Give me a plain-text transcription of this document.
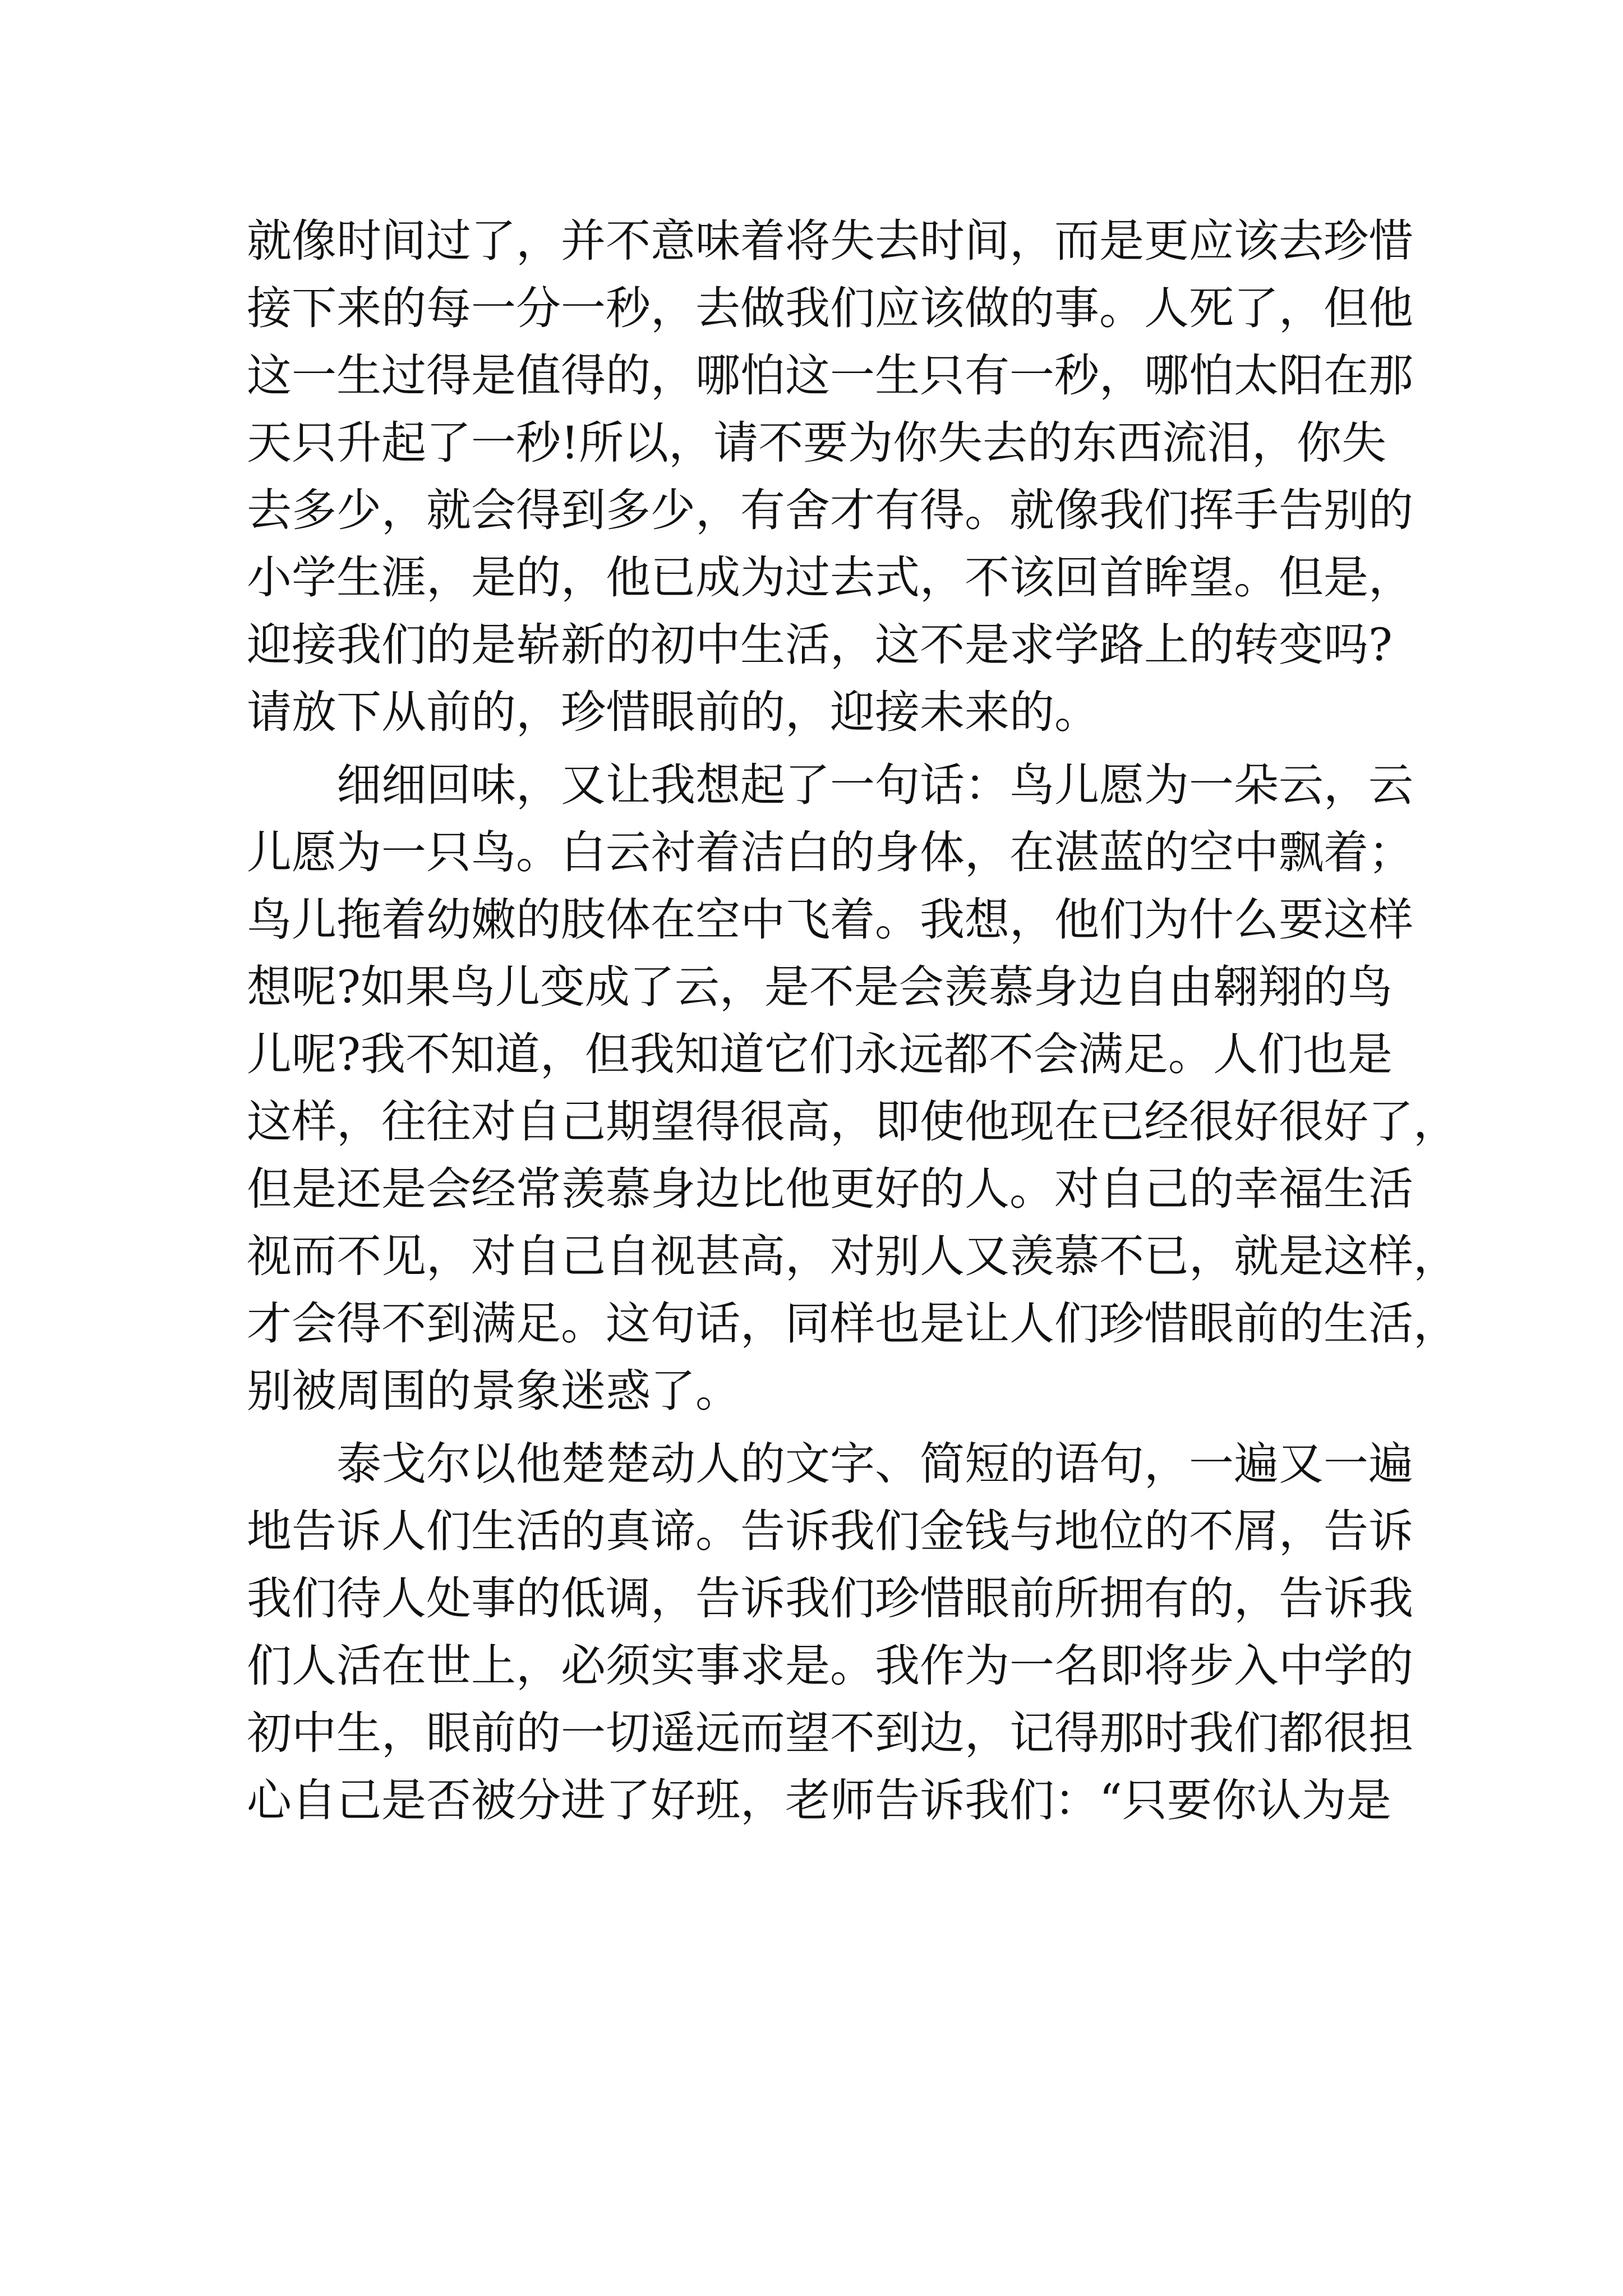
就像时间过了，并不意味着将失去时间，而是更应该去珍惜
接下来的每一分一秒，去做我们应该做的事。人死了，但他
这一生过得是值得的，哪怕这一生只有一秒，哪怕太阳在那
天只升起了一秒!所以，请不要为你失去的东西流泪，你失
去多少，就会得到多少，有舍才有得。就像我们挥手告别的
小学生涯，是的，他已成为过去式，不该回首眸望。但是，
迎接我们的是崭新的初中生活，这不是求学路上的转变吗?
请放下从前的，珍惜眼前的，迎接未来的。
细细回味，又让我想起了一句话：鸟儿愿为一朵云，云
儿愿为一只鸟。白云衬着洁白的身体，在湛蓝的空中飘着；
鸟儿拖着幼嫩的肢体在空中飞着。我想，他们为什么要这样
想呢?如果鸟儿变成了云，是不是会羡慕身边自由翱翔的鸟
儿呢?我不知道，但我知道它们永远都不会满足。人们也是
这样，往往对自己期望得很高，即使他现在已经很好很好了，
但是还是会经常羡慕身边比他更好的人。对自己的幸福生活
视而不见，对自己自视甚高，对别人又羡慕不已，就是这样，
才会得不到满足。这句话，同样也是让人们珍惜眼前的生活，
别被周围的景象迷惑了。
泰戈尔以他楚楚动人的文字、简短的语句，一遍又一遍
地告诉人们生活的真谛。告诉我们金钱与地位的不屑，告诉
我们待人处事的低调，告诉我们珍惜眼前所拥有的，告诉我
们人活在世上，必须实事求是。我作为一名即将步入中学的
初中生，眼前的一切遥远而望不到边，记得那时我们都很担
心自己是否被分进了好班，老师告诉我们：“只要你认为是
